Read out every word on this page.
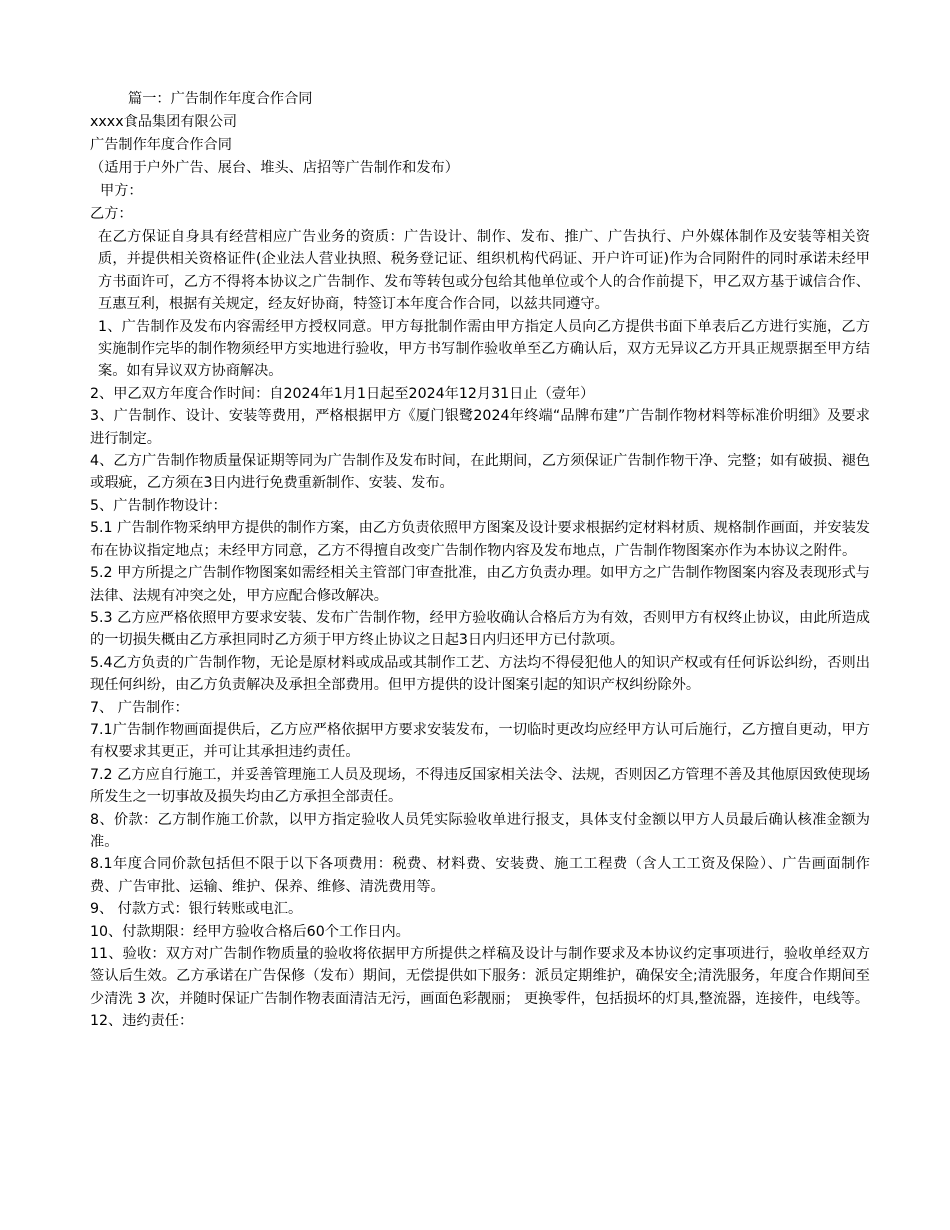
篇一：广告制作年度合作合同

xxxx食品集团有限公司

广告制作年度合作合同

（适用于户外广告、展台、堆头、店招等广告制作和发布）

甲方：

乙方：

在乙方保证自身具有经营相应广告业务的资质：广告设计、制作、发布、推广、广告执行、户外媒体制作及安装等相关资质，并提供相关资格证件(企业法人营业执照、税务登记证、组织机构代码证、开户许可证)作为合同附件的同时承诺未经甲方书面许可，乙方不得将本协议之广告制作、发布等转包或分包给其他单位或个人的合作前提下，甲乙双方基于诚信合作、互惠互利，根据有关规定，经友好协商，特签订本年度合作合同，以兹共同遵守。

1、广告制作及发布内容需经甲方授权同意。甲方每批制作需由甲方指定人员向乙方提供书面下单表后乙方进行实施，乙方实施制作完毕的制作物须经甲方实地进行验收，甲方书写制作验收单至乙方确认后，双方无异议乙方开具正规票据至甲方结案。如有异议双方协商解决。

2、甲乙双方年度合作时间：自2024年1月1日起至2024年12月31日止（壹年）

3、广告制作、设计、安装等费用，严格根据甲方《厦门银鹭2024年终端“品牌布建”广告制作物材料等标准价明细》及要求进行制定。

4、乙方广告制作物质量保证期等同为广告制作及发布时间，在此期间，乙方须保证广告制作物干净、完整；如有破损、褪色或瑕疵，乙方须在3日内进行免费重新制作、安装、发布。

5、广告制作物设计：

5.1 广告制作物采纳甲方提供的制作方案，由乙方负责依照甲方图案及设计要求根据约定材料材质、规格制作画面，并安装发布在协议指定地点；未经甲方同意，乙方不得擅自改变广告制作物内容及发布地点，广告制作物图案亦作为本协议之附件。

5.2 甲方所提之广告制作物图案如需经相关主管部门审查批准，由乙方负责办理。如甲方之广告制作物图案内容及表现形式与法律、法规有冲突之处，甲方应配合修改解决。

5.3 乙方应严格依照甲方要求安装、发布广告制作物，经甲方验收确认合格后方为有效，否则甲方有权终止协议，由此所造成的一切损失概由乙方承担同时乙方须于甲方终止协议之日起3日内归还甲方已付款项。

5.4乙方负责的广告制作物，无论是原材料或成品或其制作工艺、方法均不得侵犯他人的知识产权或有任何诉讼纠纷，否则出现任何纠纷，由乙方负责解决及承担全部费用。但甲方提供的设计图案引起的知识产权纠纷除外。

7、 广告制作：

7.1广告制作物画面提供后，乙方应严格依据甲方要求安装发布，一切临时更改均应经甲方认可后施行，乙方擅自更动，甲方有权要求其更正，并可让其承担违约责任。

7.2 乙方应自行施工，并妥善管理施工人员及现场，不得违反国家相关法令、法规，否则因乙方管理不善及其他原因致使现场所发生之一切事故及损失均由乙方承担全部责任。

8、价款：乙方制作施工价款，以甲方指定验收人员凭实际验收单进行报支，具体支付金额以甲方人员最后确认核准金额为准。

8.1年度合同价款包括但不限于以下各项费用：税费、材料费、安装费、施工工程费（含人工工资及保险）、广告画面制作费、广告审批、运输、维护、保养、维修、清洗费用等。

9、 付款方式：银行转账或电汇。

10、付款期限：经甲方验收合格后60个工作日内。

11、验收：双方对广告制作物质量的验收将依据甲方所提供之样稿及设计与制作要求及本协议约定事项进行，验收单经双方签认后生效。乙方承诺在广告保修（发布）期间，无偿提供如下服务：派员定期维护，确保安全;清洗服务，年度合作期间至少清洗 3 次，并随时保证广告制作物表面清洁无污，画面色彩靓丽； 更换零件，包括损坏的灯具,整流器，连接件，电线等。

12、违约责任：
